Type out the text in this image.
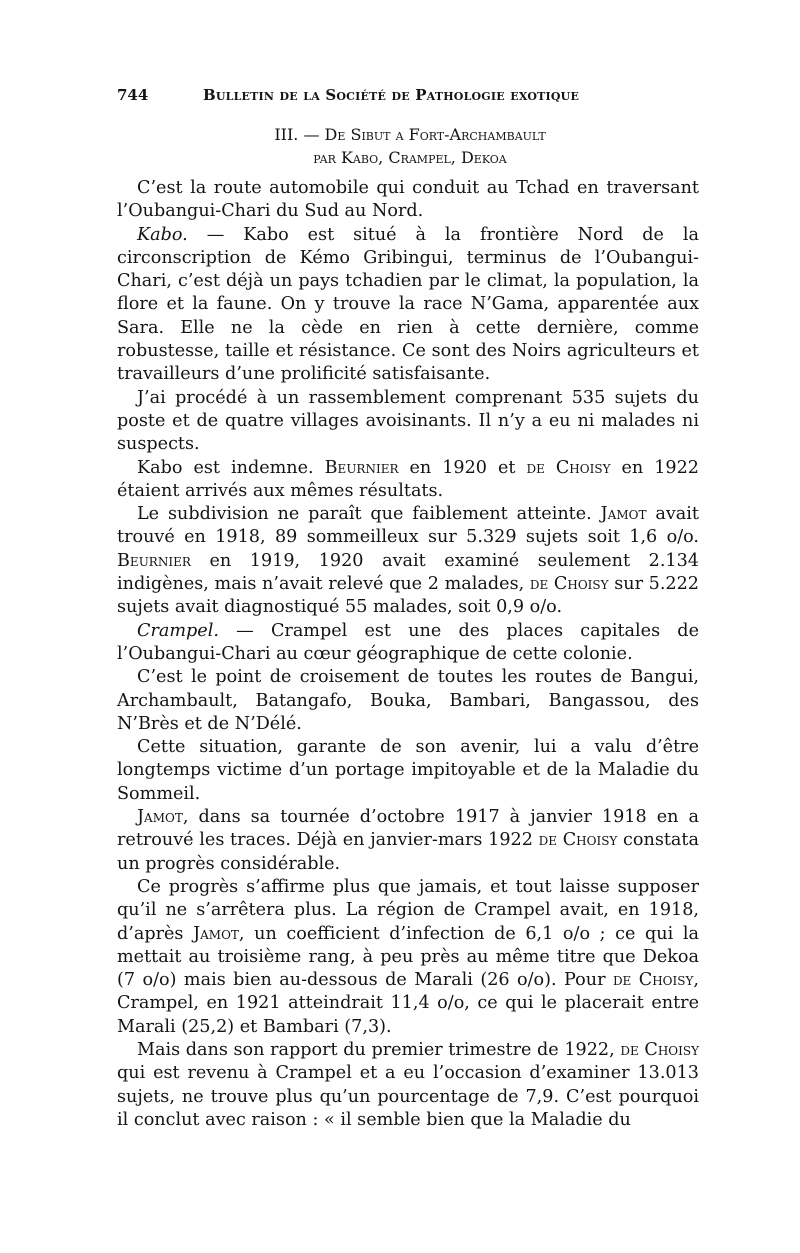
744	Bulletin de la Société de Pathologie exotique
III. — De Sibut a Fort-Archambault
par Kabo, Crampel, Dekoa

C’est la route automobile qui conduit au Tchad en traversant l’Oubangui-Chari du Sud au Nord.

Kabo. — Kabo est situé à la frontière Nord de la circonscription de Kémo Gribingui, terminus de l’Oubangui-Chari, c’est déjà un pays tchadien par le climat, la population, la flore et la faune. On y trouve la race N’Gama, apparentée aux Sara. Elle ne la cède en rien à cette dernière, comme robustesse, taille et résistance. Ce sont des Noirs agriculteurs et travailleurs d’une prolificité satisfaisante.

J’ai procédé à un rassemblement comprenant 535 sujets du poste et de quatre villages avoisinants. Il n’y a eu ni malades ni suspects.

Kabo est indemne. Beurnier en 1920 et de Choisy en 1922 étaient arrivés aux mêmes résultats.

Le subdivision ne paraît que faiblement atteinte. Jamot avait trouvé en 1918, 89 sommeilleux sur 5.329 sujets soit 1,6 o/o. Beurnier en 1919, 1920 avait examiné seulement 2.134 indigènes, mais n’avait relevé que 2 malades, de Choisy sur 5.222 sujets avait diagnostiqué 55 malades, soit 0,9 o/o.

Crampel. — Crampel est une des places capitales de l’Oubangui-Chari au cœur géographique de cette colonie.

C’est le point de croisement de toutes les routes de Bangui, Archambault, Batangafo, Bouka, Bambari, Bangassou, des N’Brès et de N’Délé.

Cette situation, garante de son avenir, lui a valu d’être longtemps victime d’un portage impitoyable et de la Maladie du Sommeil.

Jamot, dans sa tournée d’octobre 1917 à janvier 1918 en a retrouvé les traces. Déjà en janvier-mars 1922 de Choisy constata un progrès considérable.

Ce progrès s’affirme plus que jamais, et tout laisse supposer qu’il ne s’arrêtera plus. La région de Crampel avait, en 1918, d’après Jamot, un coefficient d’infection de 6,1 o/o ; ce qui la mettait au troisième rang, à peu près au même titre que Dekoa (7 o/o) mais bien au-dessous de Marali (26 o/o). Pour de Choisy, Crampel, en 1921 atteindrait 11,4 o/o, ce qui le placerait entre Marali (25,2) et Bambari (7,3).

Mais dans son rapport du premier trimestre de 1922, de Choisy qui est revenu à Crampel et a eu l’occasion d’examiner 13.013 sujets, ne trouve plus qu’un pourcentage de 7,9. C’est pourquoi il conclut avec raison : « il semble bien que la Maladie du
